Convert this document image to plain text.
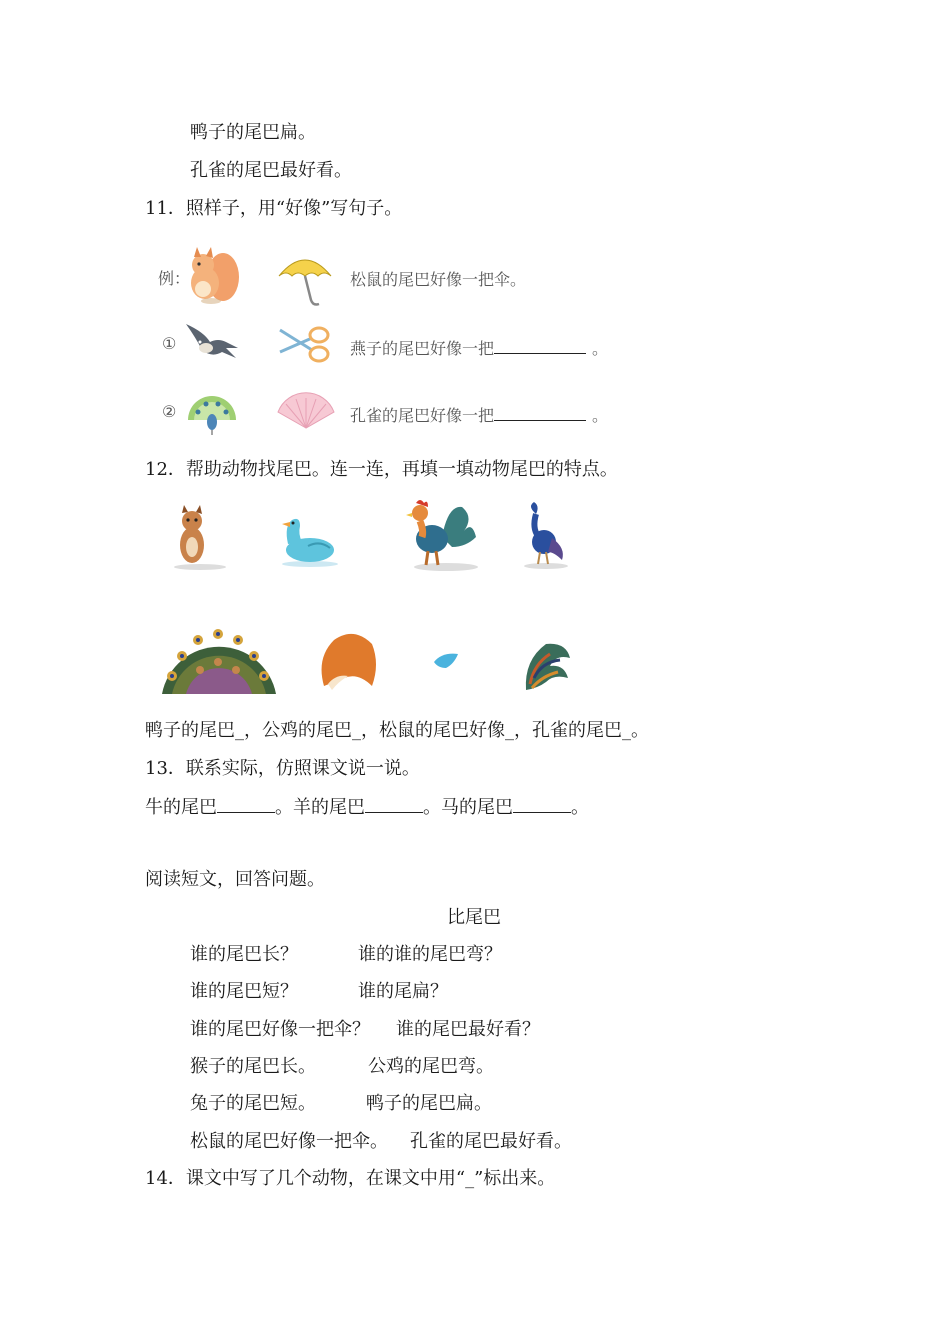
鸭子的尾巴扁。
孔雀的尾巴最好看。
11．照样子，用“好像”写句子。
例：	松鼠的尾巴好像一把伞。
①	燕子的尾巴好像一把	。
②	孔雀的尾巴好像一把	。
12．帮助动物找尾巴。连一连，再填一填动物尾巴的特点。
鸭子的尾巴_，公鸡的尾巴_，松鼠的尾巴好像_，孔雀的尾巴_。
13．联系实际，仿照课文说一说。
牛的尾巴	。羊的尾巴	。马的尾巴	。
阅读短文，回答问题。
比尾巴
谁的尾巴长？	谁的谁的尾巴弯？
谁的尾巴短？	谁的尾扁？
谁的尾巴好像一把伞？ 谁的尾巴最好看？
猴子的尾巴长。	公鸡的尾巴弯。
兔子的尾巴短。	鸭子的尾巴扁。
松鼠的尾巴好像一把伞。 孔雀的尾巴最好看。
14．课文中写了几个动物，在课文中用“_”标出来。
